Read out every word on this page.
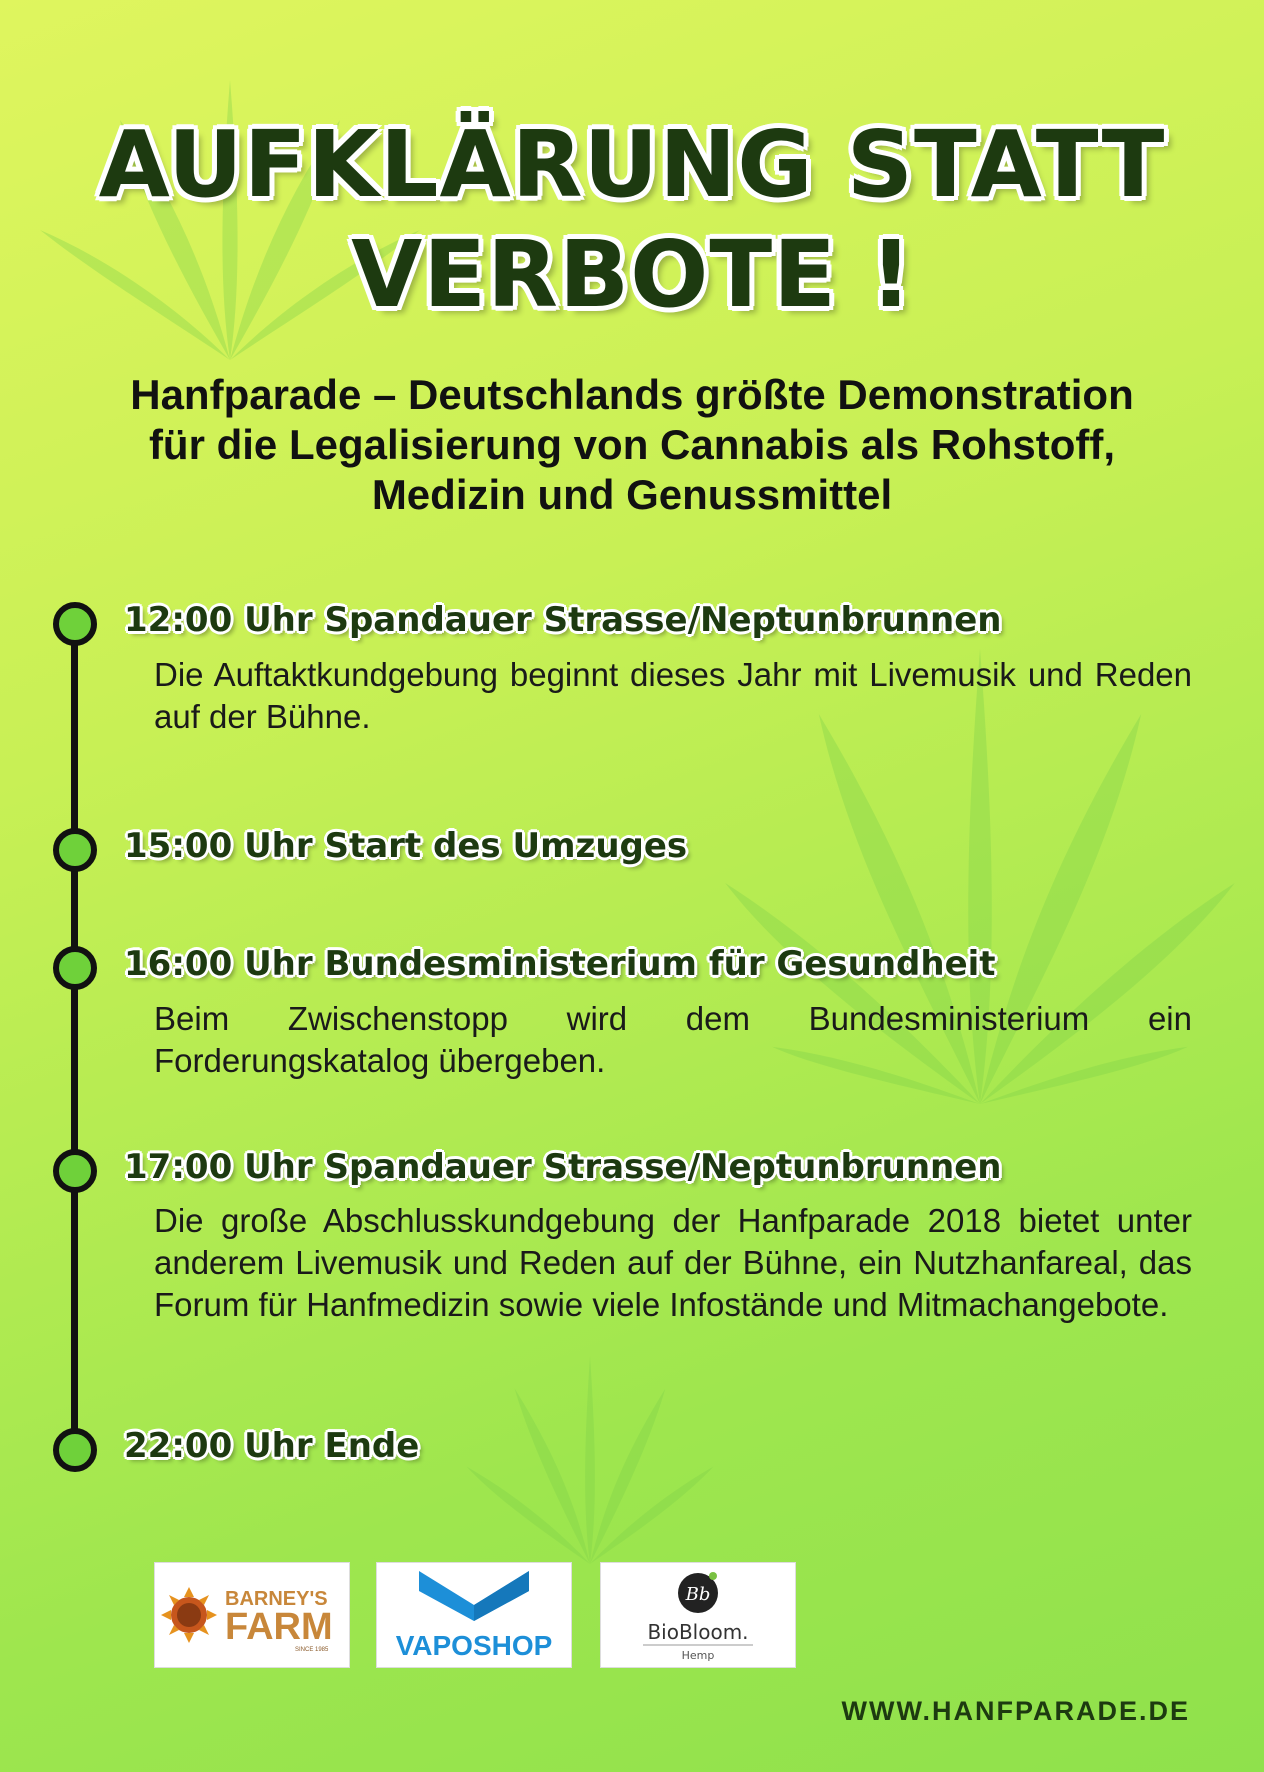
AUFKLÄRUNG STATT
VERBOTE !
Hanfparade – Deutschlands größte Demonstration
für die Legalisierung von Cannabis als Rohstoff,
Medizin und Genussmittel
12:00 Uhr Spandauer Strasse/Neptunbrunnen
Die Auftaktkundgebung beginnt dieses Jahr mit Livemusik und Reden auf der Bühne.
15:00 Uhr Start des Umzuges
16:00 Uhr Bundesministerium für Gesundheit
Beim Zwischenstopp wird dem Bundesministerium ein Forderungskatalog übergeben.
17:00 Uhr Spandauer Strasse/Neptunbrunnen
Die große Abschlusskundgebung der Hanfparade 2018 bietet unter anderem Livemusik und Reden auf der Bühne, ein Nutzhanfareal, das Forum für Hanfmedizin sowie viele Infostände und Mitmachangebote.
22:00 Uhr Ende
BARNEY'S
FARM
SINCE 1985 VAPOSHOP
Bb
BioBloom.
Hemp
WWW.HANFPARADE.DE
